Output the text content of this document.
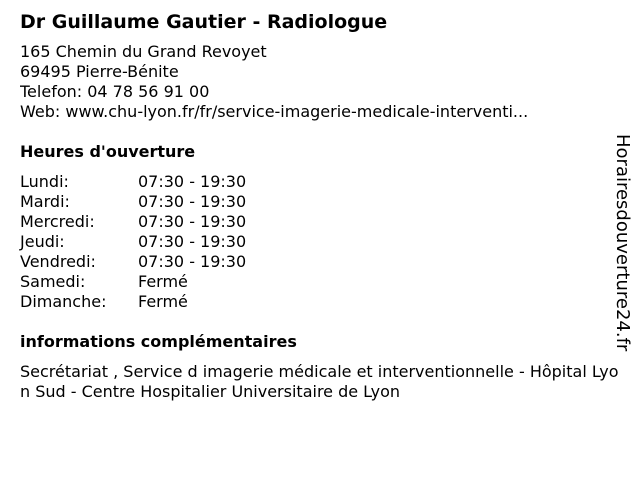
Dr Guillaume Gautier - Radiologue
165 Chemin du Grand Revoyet
69495 Pierre-Bénite
Telefon: 04 78 56 91 00
Web: www.chu-lyon.fr/fr/service-imagerie-medicale-interventi...
Heures d'ouverture
Lundi:	07:30 - 19:30
Mardi:	07:30 - 19:30
Mercredi:	07:30 - 19:30
Jeudi:	07:30 - 19:30
Vendredi:	07:30 - 19:30
Samedi:	Fermé
Dimanche:	Fermé
informations complémentaires
Secrétariat , Service d imagerie médicale et interventionnelle - Hôpital Lyon Sud - Centre Hospitalier Universitaire de Lyon
Horairesdouverture24.fr
